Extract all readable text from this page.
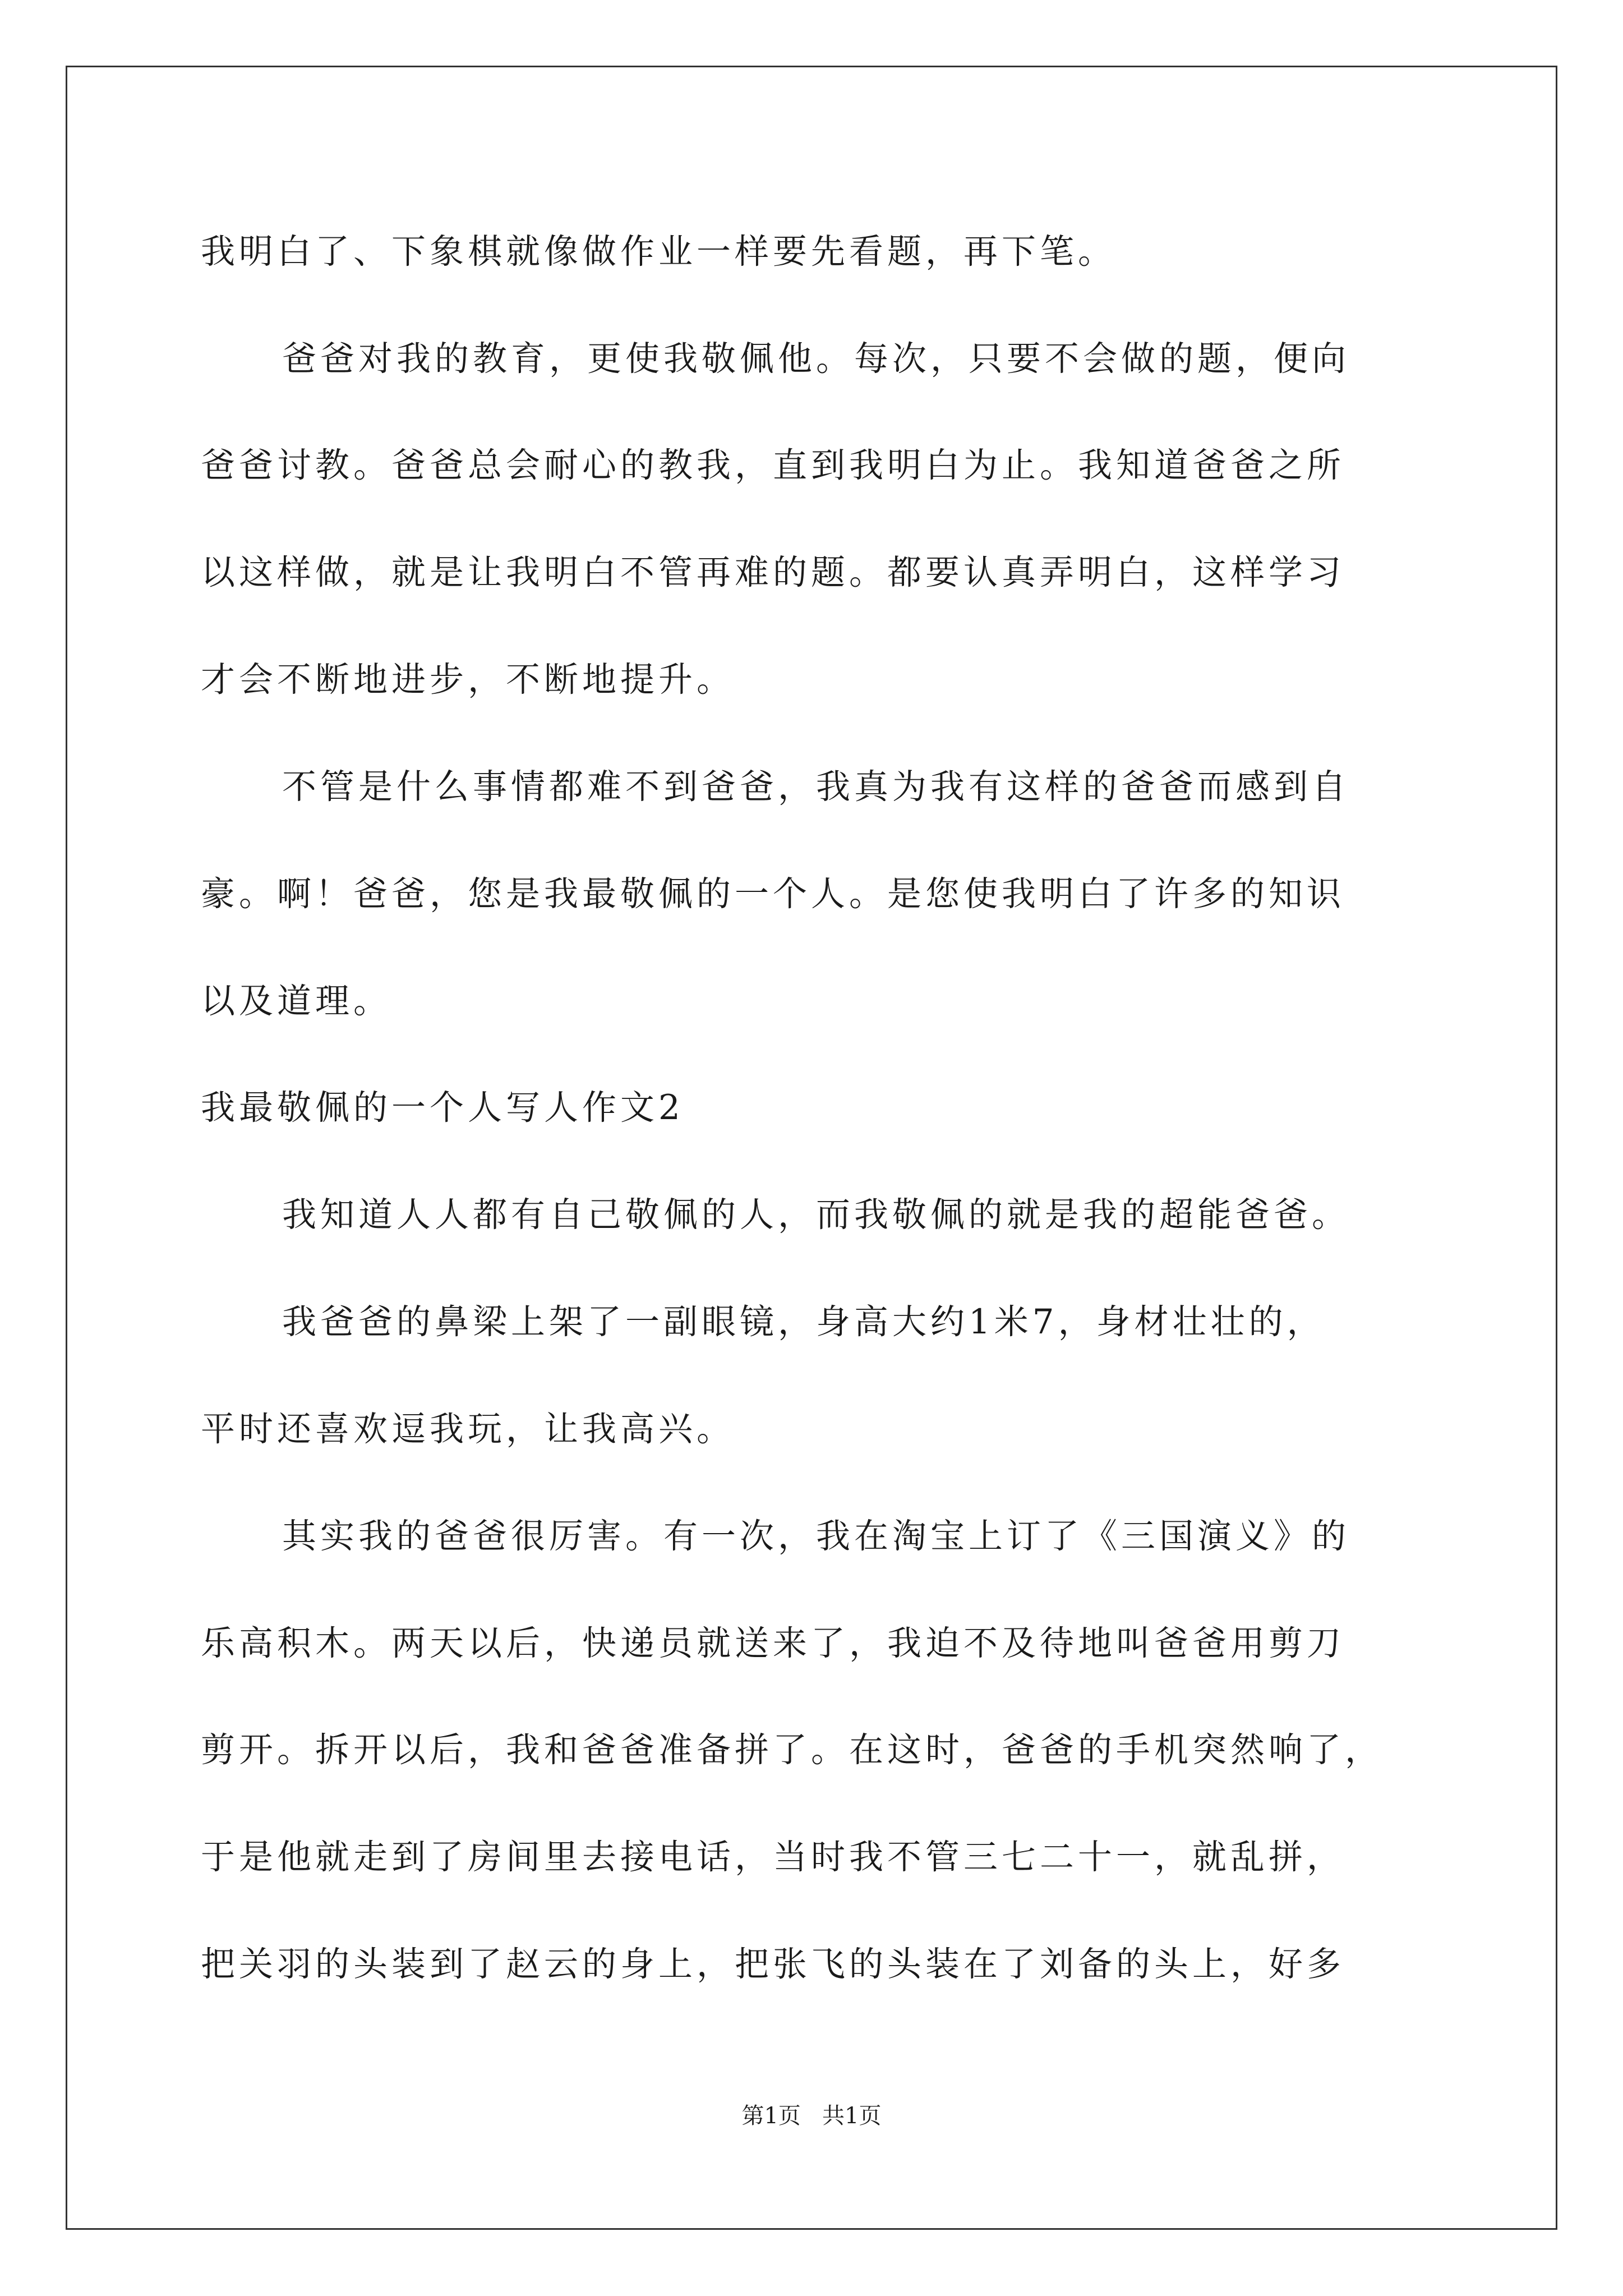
我明白了、下象棋就像做作业一样要先看题，再下笔。

爸爸对我的教育，更使我敬佩他。每次，只要不会做的题，便向

爸爸讨教。爸爸总会耐心的教我，直到我明白为止。我知道爸爸之所

以这样做，就是让我明白不管再难的题。都要认真弄明白，这样学习

才会不断地进步，不断地提升。

不管是什么事情都难不到爸爸，我真为我有这样的爸爸而感到自

豪。啊！爸爸，您是我最敬佩的一个人。是您使我明白了许多的知识

以及道理。

我最敬佩的一个人写人作文2

我知道人人都有自己敬佩的人，而我敬佩的就是我的超能爸爸。

我爸爸的鼻梁上架了一副眼镜，身高大约1米7，身材壮壮的，

平时还喜欢逗我玩，让我高兴。

其实我的爸爸很厉害。有一次，我在淘宝上订了《三国演义》的

乐高积木。两天以后，快递员就送来了，我迫不及待地叫爸爸用剪刀

剪开。拆开以后，我和爸爸准备拼了。在这时，爸爸的手机突然响了，

于是他就走到了房间里去接电话，当时我不管三七二十一，就乱拼，

把关羽的头装到了赵云的身上，把张飞的头装在了刘备的头上，好多

第1页   共1页
